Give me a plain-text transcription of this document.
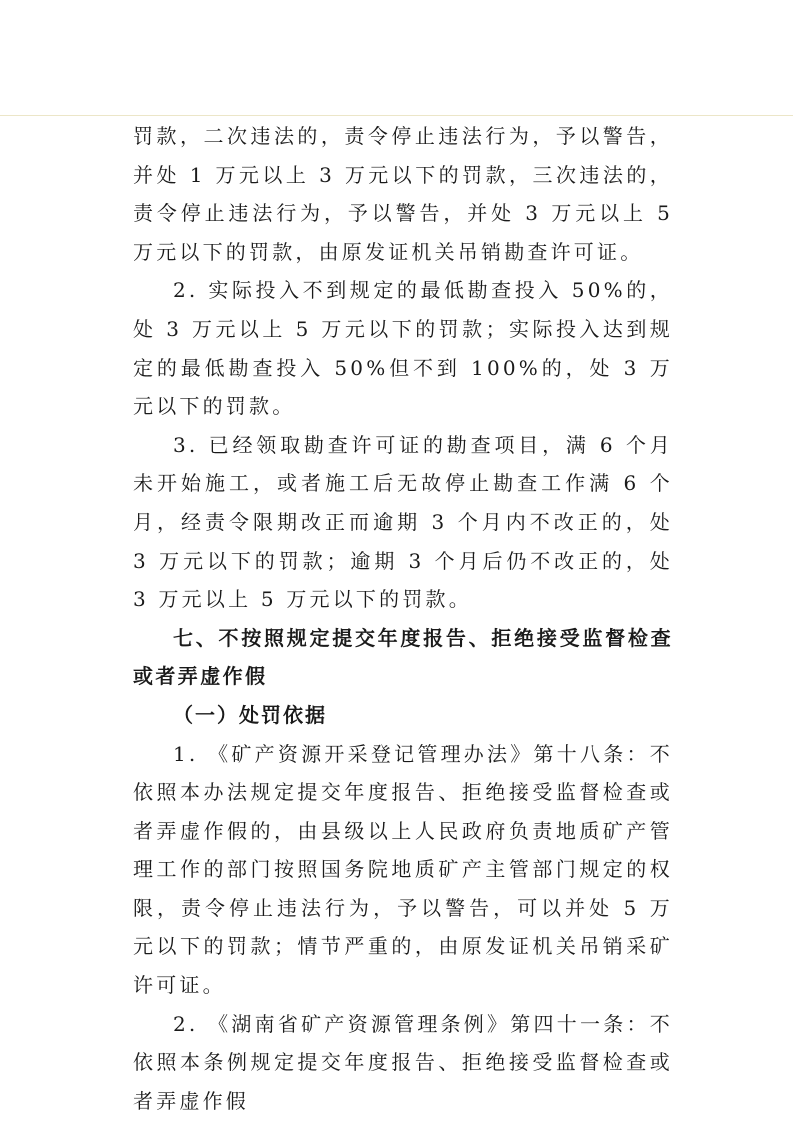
罚款，二次违法的，责令停止违法行为，予以警告，并处 1 万元以上 3 万元以下的罚款，三次违法的，责令停止违法行为，予以警告，并处 3 万元以上 5 万元以下的罚款，由原发证机关吊销勘查许可证。

2. 实际投入不到规定的最低勘查投入 50%的，处 3 万元以上 5 万元以下的罚款；实际投入达到规定的最低勘查投入 50%但不到 100%的，处 3 万元以下的罚款。

3. 已经领取勘查许可证的勘查项目，满 6 个月未开始施工，或者施工后无故停止勘查工作满 6 个月，经责令限期改正而逾期 3 个月内不改正的，处 3 万元以下的罚款；逾期 3 个月后仍不改正的，处 3 万元以上 5 万元以下的罚款。

七、不按照规定提交年度报告、拒绝接受监督检查或者弄虚作假

（一）处罚依据

1. 《矿产资源开采登记管理办法》第十八条：不依照本办法规定提交年度报告、拒绝接受监督检查或者弄虚作假的，由县级以上人民政府负责地质矿产管理工作的部门按照国务院地质矿产主管部门规定的权限，责令停止违法行为，予以警告，可以并处 5 万元以下的罚款；情节严重的，由原发证机关吊销采矿许可证。

2. 《湖南省矿产资源管理条例》第四十一条：不依照本条例规定提交年度报告、拒绝接受监督检查或者弄虚作假
